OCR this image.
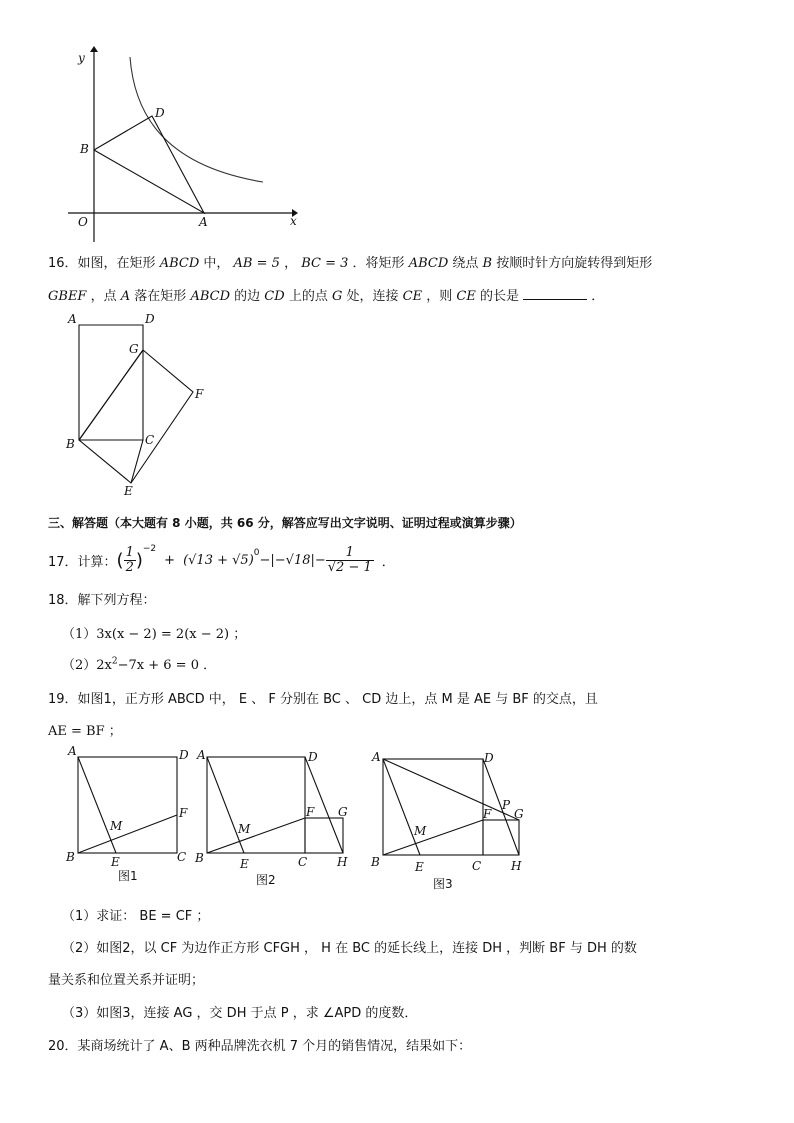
y
x
O	A
B
D
16．如图，在矩形 ABCD 中， AB = 5 ， BC = 3 ．将矩形 ABCD 绕点 B 按顺时针方向旋转得到矩形
GBEF ，点 A 落在矩形 ABCD 的边 CD 上的点 G 处，连接 CE ，则 CE 的长是	．
A	D
G
F
B	C
E
三、解答题（本大题有 8 小题，共 66 分，解答应写出文字说明、证明过程或演算步骤）
17．计算： ( $\frac{1}{2}$ )
$^{-2}$
+ $(√13 + √5)^0 -|-√18|- \frac{1}{√2 - 1}$ ．
18．解下列方程：
（1）3x(x − 2) = 2(x − 2) ；
$(2)2x^2-7x + 6 = 0$ ．
19．如图1，正方形 ABCD 中， E 、 F 分别在 BC 、 CD 边上，点 M 是 AE 与 BF 的交点，且
AE = BF ；
A	D
B	C
E
F
M
图1
A	D
B	C
E
F G
H
M
图2
A	D
B	C
E
F
P
G
H
M
图3
（1）求证： BE = CF ；
（2）如图2，以 CF 为边作正方形 CFGH ， H 在 BC 的延长线上，连接 DH ，判断 BF 与 DH 的数
量关系和位置关系并证明；
（3）如图3，连接 AG ，交 DH 于点 P ，求 ∠APD 的度数．
20．某商场统计了 A、B 两种品牌洗衣机 7 个月的销售情况，结果如下：
